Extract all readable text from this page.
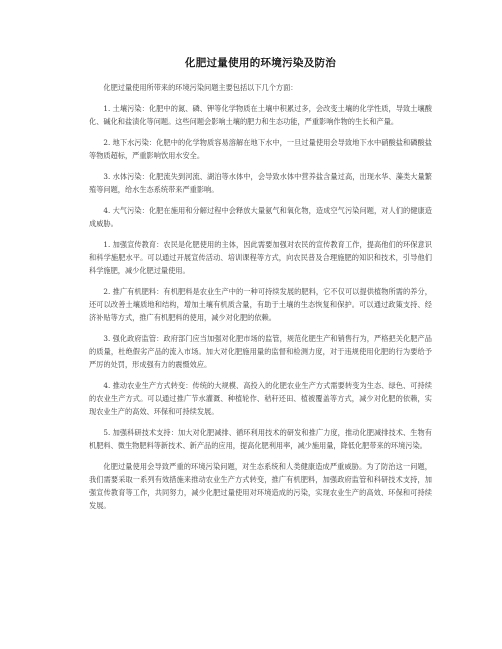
化肥过量使用的环境污染及防治

化肥过量使用所带来的环境污染问题主要包括以下几个方面：

1. 土壤污染：化肥中的氮、磷、钾等化学物质在土壤中积累过多，会改变土壤的化学性质，导致土壤酸化、碱化和盐渍化等问题。这些问题会影响土壤的肥力和生态功能，严重影响作物的生长和产量。

2. 地下水污染：化肥中的化学物质容易溶解在地下水中，一旦过量使用会导致地下水中硝酸盐和磷酸盐等物质超标，严重影响饮用水安全。

3. 水体污染：化肥流失到河流、湖泊等水体中，会导致水体中营养盐含量过高，出现水华、藻类大量繁殖等问题，给水生态系统带来严重影响。

4. 大气污染：化肥在施用和分解过程中会释放大量氨气和氧化物，造成空气污染问题，对人们的健康造成威胁。

1. 加强宣传教育：农民是化肥使用的主体，因此需要加强对农民的宣传教育工作，提高他们的环保意识和科学施肥水平。可以通过开展宣传活动、培训课程等方式，向农民普及合理施肥的知识和技术，引导他们科学施肥，减少化肥过量使用。

2. 推广有机肥料：有机肥料是农业生产中的一种可持续发展的肥料，它不仅可以提供植物所需的养分，还可以改善土壤质地和结构，增加土壤有机质含量，有助于土壤的生态恢复和保护。可以通过政策支持、经济补贴等方式，推广有机肥料的使用，减少对化肥的依赖。

3. 强化政府监管：政府部门应当加强对化肥市场的监管，规范化肥生产和销售行为，严格把关化肥产品的质量，杜绝假劣产品的流入市场。加大对化肥施用量的监督和检测力度，对于违规使用化肥的行为要给予严厉的处罚，形成强有力的震慑效应。

4. 推动农业生产方式转变：传统的大规模、高投入的化肥农业生产方式需要转变为生态、绿色、可持续的农业生产方式。可以通过推广节水灌溉、种植轮作、秸秆还田、植被覆盖等方式，减少对化肥的依赖，实现农业生产的高效、环保和可持续发展。

5. 加强科研技术支持：加大对化肥减排、循环利用技术的研发和推广力度，推动化肥减排技术、生物有机肥料、微生物肥料等新技术、新产品的应用，提高化肥利用率，减少施用量，降低化肥带来的环境污染。

化肥过量使用会导致严重的环境污染问题，对生态系统和人类健康造成严重威胁。为了防治这一问题，我们需要采取一系列有效措施来推动农业生产方式转变，推广有机肥料，加强政府监管和科研技术支持，加强宣传教育等工作，共同努力，减少化肥过量使用对环境造成的污染，实现农业生产的高效、环保和可持续发展。
